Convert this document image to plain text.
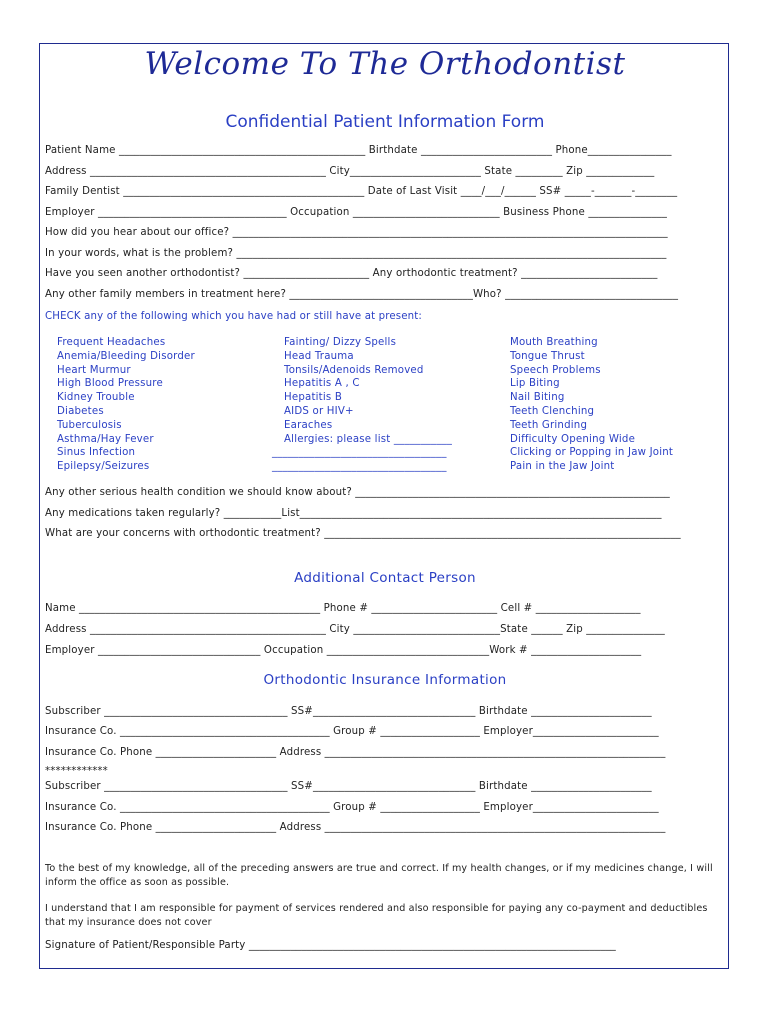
Welcome To The Orthodontist
Confidential Patient Information Form
Patient Name _______________________________________________ Birthdate _________________________ Phone________________
Address _____________________________________________ City_________________________ State _________ Zip _____________
Family Dentist ______________________________________________ Date of Last Visit ____/___/______ SS# _____-_______-________
Employer ____________________________________ Occupation ____________________________ Business Phone _______________
How did you hear about our office? ___________________________________________________________________________________
In your words, what is the problem? __________________________________________________________________________________
Have you seen another orthodontist? ________________________ Any orthodontic treatment? __________________________
Any other family members in treatment here? ___________________________________Who? _________________________________
CHECK any of the following which you have had or still have at present:
Frequent Headaches
Anemia/Bleeding Disorder
Heart Murmur
High Blood Pressure
Kidney Trouble
Diabetes
Tuberculosis
Asthma/Hay Fever
Sinus Infection
Epilepsy/Seizures
Fainting/ Dizzy Spells
Head Trauma
Tonsils/Adenoids Removed
Hepatitis A , C
Hepatitis B
AIDS or HIV+
Earaches
Allergies: please list ___________
_________________________________
_________________________________
Mouth Breathing
Tongue Thrust
Speech Problems
Lip Biting
Nail Biting
Teeth Clenching
Teeth Grinding
Difficulty Opening Wide
Clicking or Popping in Jaw Joint
Pain in the Jaw Joint
Any other serious health condition we should know about? ____________________________________________________________
Any medications taken regularly? ___________List_____________________________________________________________________
What are your concerns with orthodontic treatment? ____________________________________________________________________
Additional Contact Person
Name ______________________________________________ Phone # ________________________ Cell # ____________________
Address _____________________________________________ City ____________________________State ______ Zip _______________
Employer _______________________________ Occupation _______________________________Work # _____________________
Orthodontic Insurance Information
Subscriber ___________________________________ SS#_______________________________ Birthdate _______________________
Insurance Co. ________________________________________ Group # ___________________ Employer________________________
Insurance Co. Phone _______________________ Address _________________________________________________________________
************
Subscriber ___________________________________ SS#_______________________________ Birthdate _______________________
Insurance Co. ________________________________________ Group # ___________________ Employer________________________
Insurance Co. Phone _______________________ Address _________________________________________________________________
To the best of my knowledge, all of the preceding answers are true and correct. If my health changes, or if my medicines change, I will inform the office as soon as possible.
I understand that I am responsible for payment of services rendered and also responsible for paying any co-payment and deductibles that my insurance does not cover
Signature of Patient/Responsible Party ______________________________________________________________________
